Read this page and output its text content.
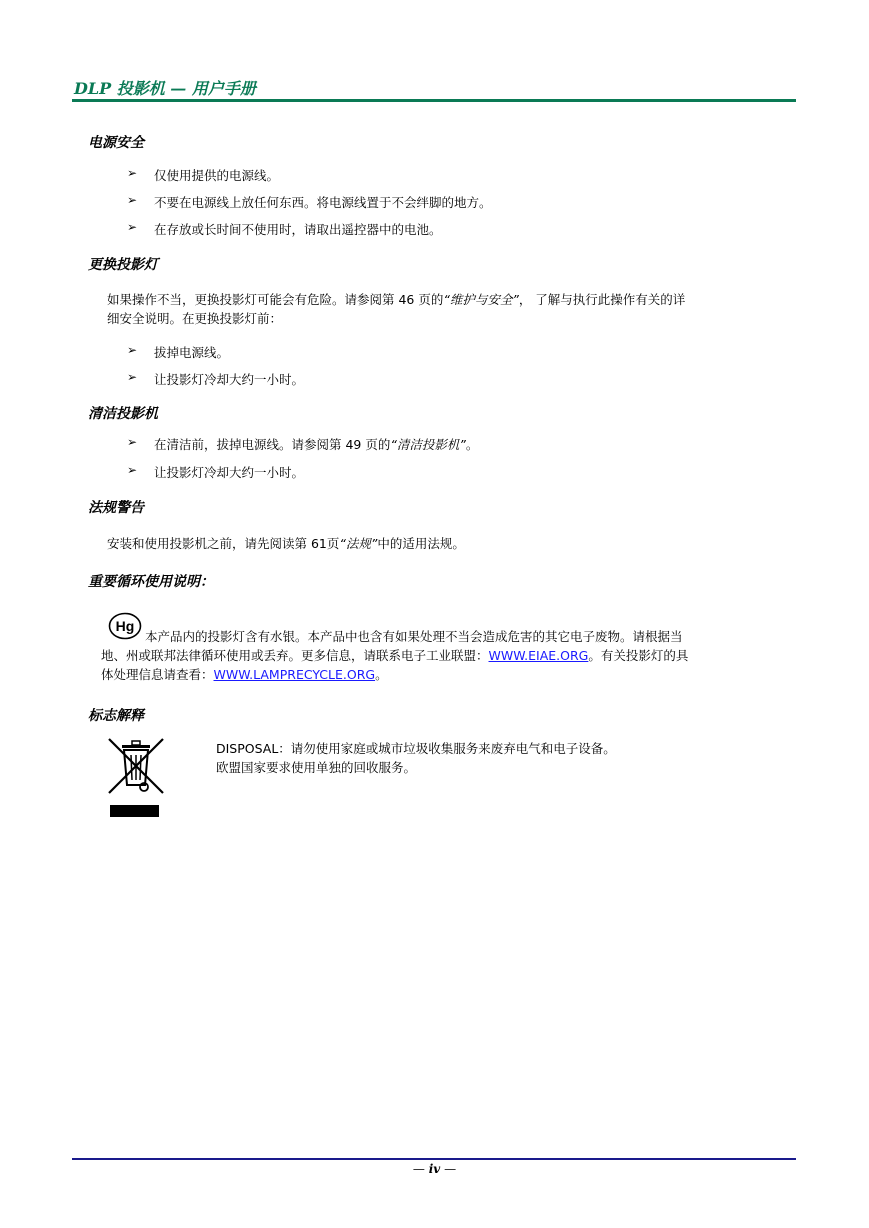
DLP 投影机 — 用户手册
电源安全
➢ 仅使用提供的电源线。
➢ 不要在电源线上放任何东西。将电源线置于不会绊脚的地方。
➢ 在存放或长时间不使用时，请取出遥控器中的电池。
更换投影灯
如果操作不当，更换投影灯可能会有危险。请参阅第 46 页的“维护与安全”， 了解与执行此操作有关的详
细安全说明。在更换投影灯前：
➢ 拔掉电源线。
➢ 让投影灯冷却大约一小时。
清洁投影机
➢ 在清洁前，拔掉电源线。请参阅第 49 页的“清洁投影机”。
➢ 让投影灯冷却大约一小时。
法规警告
安装和使用投影机之前，请先阅读第 61页“法规”中的适用法规。
重要循环使用说明：
Hg
本产品内的投影灯含有水银。本产品中也含有如果处理不当会造成危害的其它电子废物。请根据当
地、州或联邦法律循环使用或丢弃。更多信息，请联系电子工业联盟：WWW.EIAE.ORG。有关投影灯的具
体处理信息请查看：WWW.LAMPRECYCLE.ORG。
标志解释
DISPOSAL：请勿使用家庭或城市垃圾收集服务来废弃电气和电子设备。
欧盟国家要求使用单独的回收服务。
— iv —
